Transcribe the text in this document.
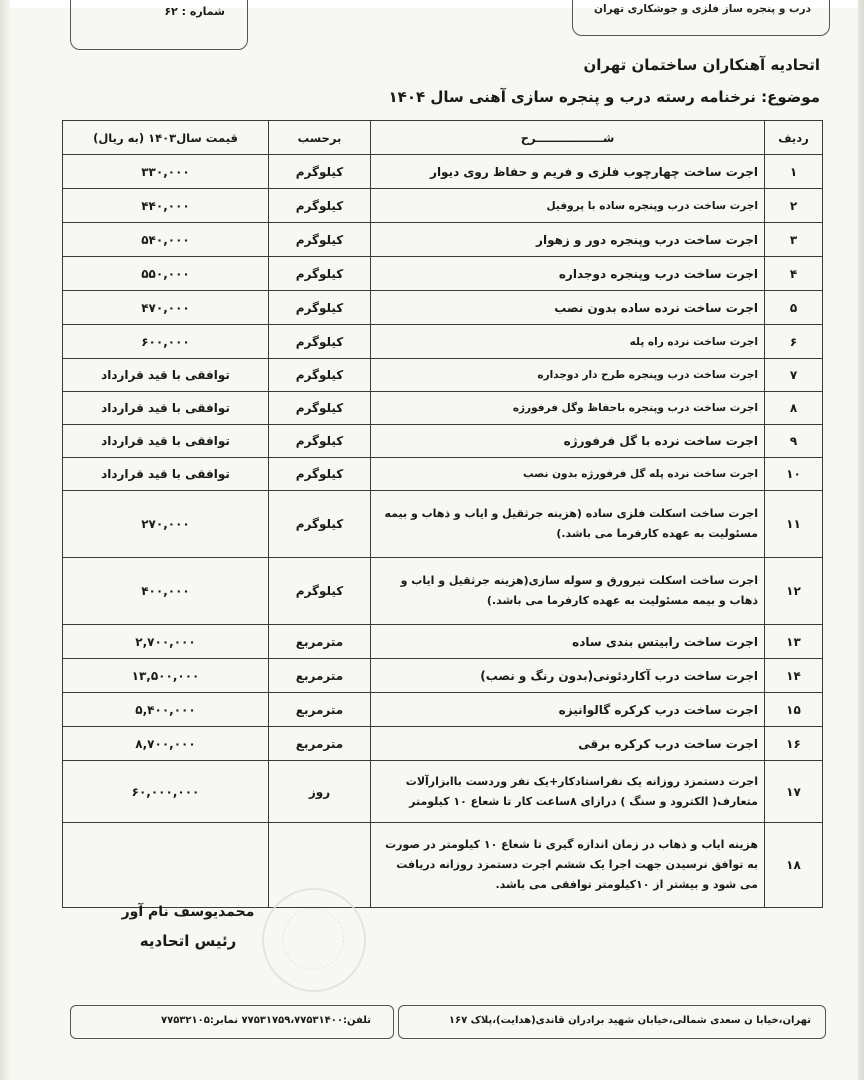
شماره : ۶۲	درب و پنجره ساز فلزی و جوشکاری تهران
اتحادیه آهنکاران ساختمان تهران
موضوع: نرخنامه رسته درب و پنجره سازی آهنی سال ۱۴۰۴
ردیف	شـــــــــــــــــرح	برحسب	قیمت سال۱۴۰۳ (به ریال)
۱	اجرت ساخت چهارچوب فلزی و فریم و حفاظ روی دیوار	کیلوگرم	۳۳۰,۰۰۰
۲	اجرت ساخت درب وپنجره ساده با پروفیل	کیلوگرم	۴۴۰,۰۰۰
۳	اجرت ساخت درب وپنجره دور و زهوار	کیلوگرم	۵۴۰,۰۰۰
۴	اجرت ساخت درب وپنجره دوجداره	کیلوگرم	۵۵۰,۰۰۰
۵	اجرت ساخت نرده ساده بدون نصب	کیلوگرم	۴۷۰,۰۰۰
۶	اجرت ساخت نرده راه پله	کیلوگرم	۶۰۰,۰۰۰
۷	اجرت ساخت درب وپنجره طرح دار دوجداره	کیلوگرم	توافقی با قید قرارداد
۸	اجرت ساخت درب وپنجره باحفاظ وگل فرفورژه	کیلوگرم	توافقی با قید قرارداد
۹	اجرت ساخت نرده با گل فرفورژه	کیلوگرم	توافقی با قید قرارداد
۱۰	اجرت ساخت نرده پله گل فرفورژه بدون نصب	کیلوگرم	توافقی با قید قرارداد
۱۱	اجرت ساخت اسکلت فلزی ساده (هزینه جرثقیل و ایاب و ذهاب و بیمه مسئولیت به عهده کارفرما می باشد.)	کیلوگرم	۲۷۰,۰۰۰
۱۲	اجرت ساخت اسکلت تیرورق و سوله سازی(هزینه جرثقیل و ایاب و ذهاب و بیمه مسئولیت به عهده کارفرما می باشد.)	کیلوگرم	۴۰۰,۰۰۰
۱۳	اجرت ساخت رابیتس بندی ساده	مترمربع	۲,۷۰۰,۰۰۰
۱۴	اجرت ساخت درب آکاردئونی(بدون رنگ و نصب)	مترمربع	۱۳,۵۰۰,۰۰۰
۱۵	اجرت ساخت درب کرکره گالوانیزه	مترمربع	۵,۴۰۰,۰۰۰
۱۶	اجرت ساخت درب کرکره برقی	مترمربع	۸,۷۰۰,۰۰۰
۱۷	اجرت دستمزد روزانه یک نفراستادکار+یک نفر وردست باابزارآلات متعارف( الکترود و سنگ ) درازای ۸ساعت کار تا شعاع ۱۰ کیلومتر	روز	۶۰,۰۰۰,۰۰۰
۱۸	هزینه ایاب و ذهاب در زمان اندازه گیری تا شعاع ۱۰ کیلومتر در صورت به توافق نرسیدن جهت اجرا یک ششم اجرت دستمزد روزانه دریافت می شود و بیشتر از ۱۰کیلومتر توافقی می باشد.		
محمدیوسف نام آور
رئیس اتحادیه
تلفن:۷۷۵۳۱۷۵۹،۷۷۵۳۱۴۰۰ نمابر:۷۷۵۳۲۱۰۵	تهران،خیابا ن سعدی شمالی،خیابان شهید برادران قاندی(هدایت)،پلاک ۱۶۷
